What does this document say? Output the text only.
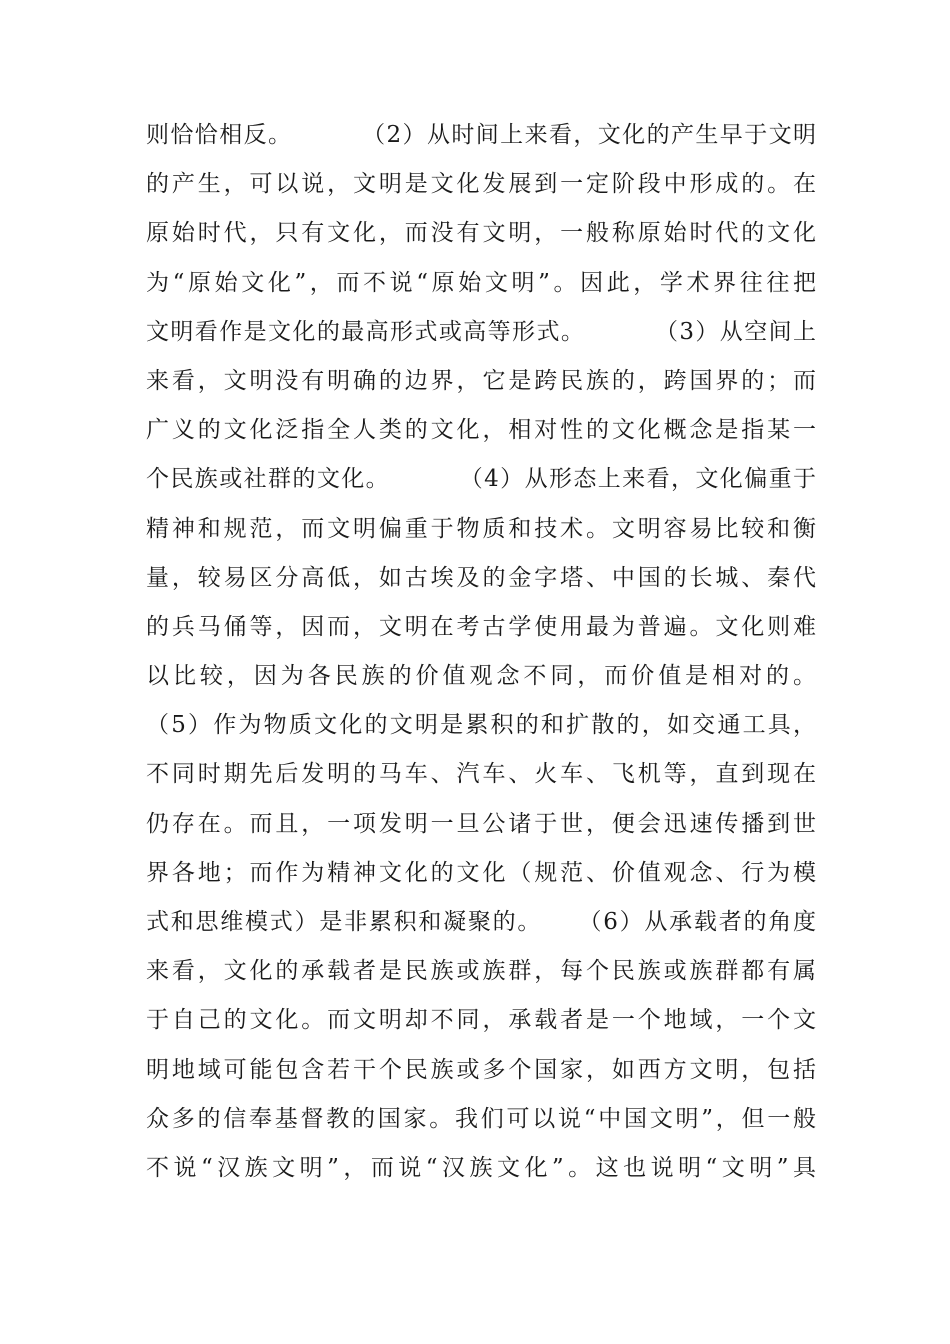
则恰恰相反。        （2）从时间上来看，文化的产生早于文明
的产生，可以说，文明是文化发展到一定阶段中形成的。在
原始时代，只有文化，而没有文明，一般称原始时代的文化
为“原始文化”，而不说“原始文明”。因此，学术界往往把
文明看作是文化的最高形式或高等形式。        （3）从空间上
来看，文明没有明确的边界，它是跨民族的，跨国界的；而
广义的文化泛指全人类的文化，相对性的文化概念是指某一
个民族或社群的文化。        （4）从形态上来看，文化偏重于
精神和规范，而文明偏重于物质和技术。文明容易比较和衡
量，较易区分高低，如古埃及的金字塔、中国的长城、秦代
的兵马俑等，因而，文明在考古学使用最为普遍。文化则难
以比较，因为各民族的价值观念不同，而价值是相对的。
（5）作为物质文化的文明是累积的和扩散的，如交通工具，
不同时期先后发明的马车、汽车、火车、飞机等，直到现在
仍存在。而且，一项发明一旦公诸于世，便会迅速传播到世
界各地；而作为精神文化的文化（规范、价值观念、行为模
式和思维模式）是非累积和凝聚的。    （6）从承载者的角度
来看，文化的承载者是民族或族群，每个民族或族群都有属
于自己的文化。而文明却不同，承载者是一个地域，一个文
明地域可能包含若干个民族或多个国家，如西方文明，包括
众多的信奉基督教的国家。我们可以说“中国文明”，但一般
不说“汉族文明”，而说“汉族文化”。这也说明“文明”具
